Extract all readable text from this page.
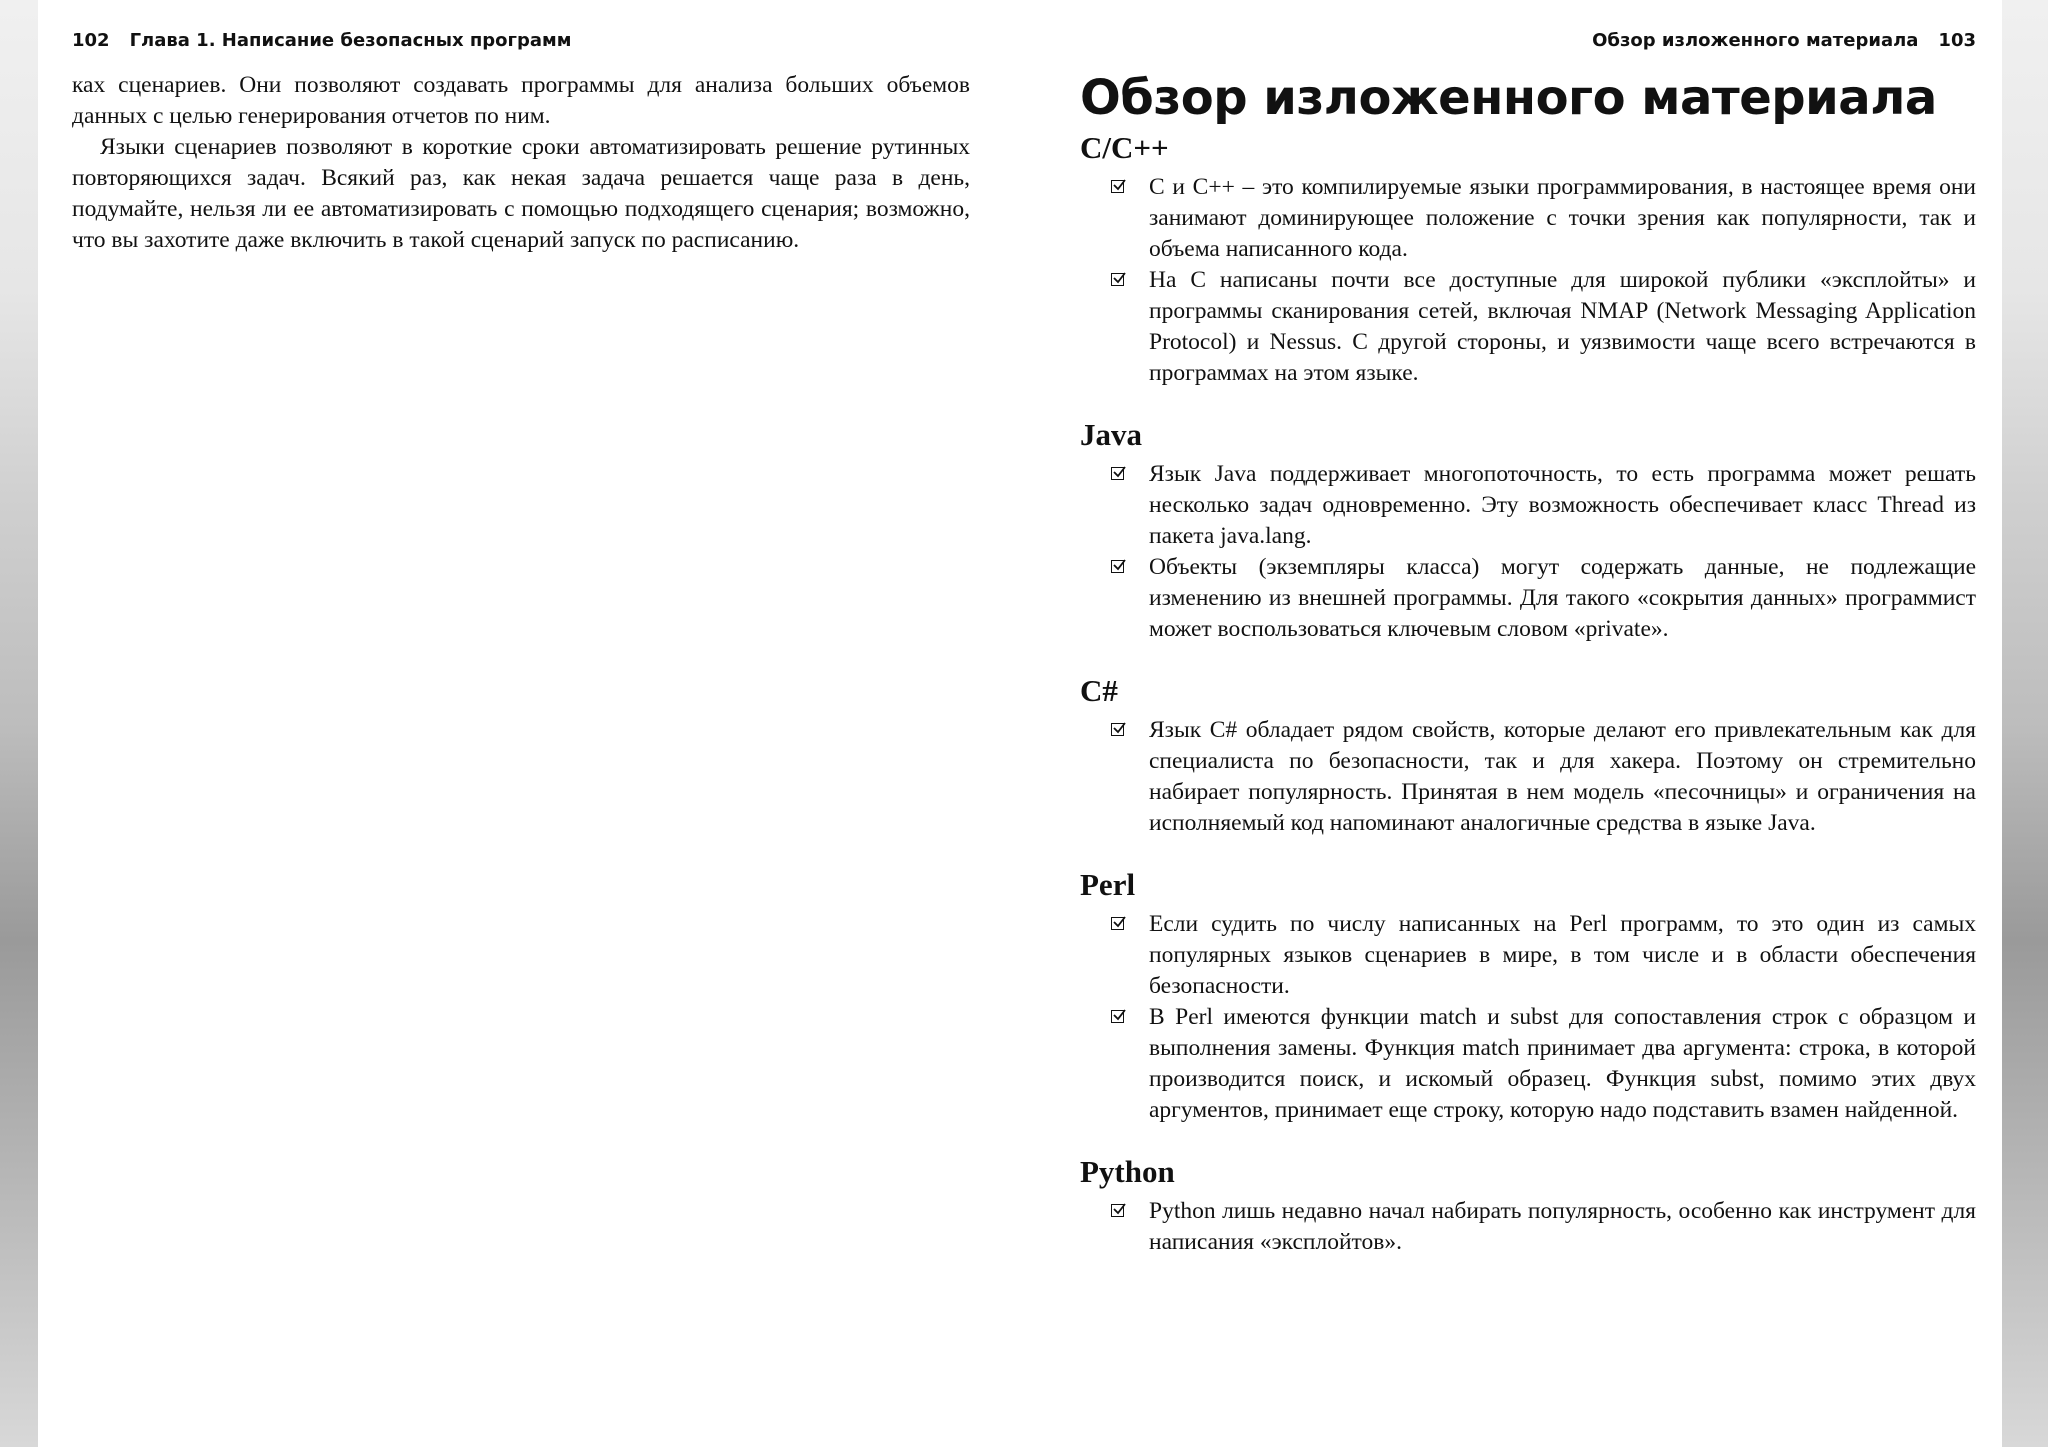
102 Глава 1. Написание безопасных программ

ках сценариев. Они позволяют создавать программы для анализа больших объемов данных с целью генерирования отчетов по ним.

Языки сценариев позволяют в короткие сроки автоматизировать решение рутинных повторяющихся задач. Всякий раз, как некая задача решается чаще раза в день, подумайте, нельзя ли ее автоматизировать с помощью подходящего сценария; возможно, что вы захотите даже включить в такой сценарий запуск по расписанию.

Обзор изложенного материала 103
Обзор изложенного материала
C/C++
C и C++ – это компилируемые языки программирования, в настоящее время они занимают доминирующее положение с точки зрения как популярности, так и объема написанного кода.
На C написаны почти все доступные для широкой публики «эксплойты» и программы сканирования сетей, включая NMAP (Network Messaging Application Protocol) и Nessus. С другой стороны, и уязвимости чаще всего встречаются в программах на этом языке.
Java
Язык Java поддерживает многопоточность, то есть программа может решать несколько задач одновременно. Эту возможность обеспечивает класс Thread из пакета java.lang.
Объекты (экземпляры класса) могут содержать данные, не подлежащие изменению из внешней программы. Для такого «сокрытия данных» программист может воспользоваться ключевым словом «private».
C#
Язык C# обладает рядом свойств, которые делают его привлекательным как для специалиста по безопасности, так и для хакера. Поэтому он стремительно набирает популярность. Принятая в нем модель «песочницы» и ограничения на исполняемый код напоминают аналогичные средства в языке Java.
Perl
Если судить по числу написанных на Perl программ, то это один из самых популярных языков сценариев в мире, в том числе и в области обеспечения безопасности.
В Perl имеются функции match и subst для сопоставления строк с образцом и выполнения замены. Функция match принимает два аргумента: строка, в которой производится поиск, и искомый образец. Функция subst, помимо этих двух аргументов, принимает еще строку, которую надо подставить взамен найденной.
Python
Python лишь недавно начал набирать популярность, особенно как инструмент для написания «эксплойтов».
